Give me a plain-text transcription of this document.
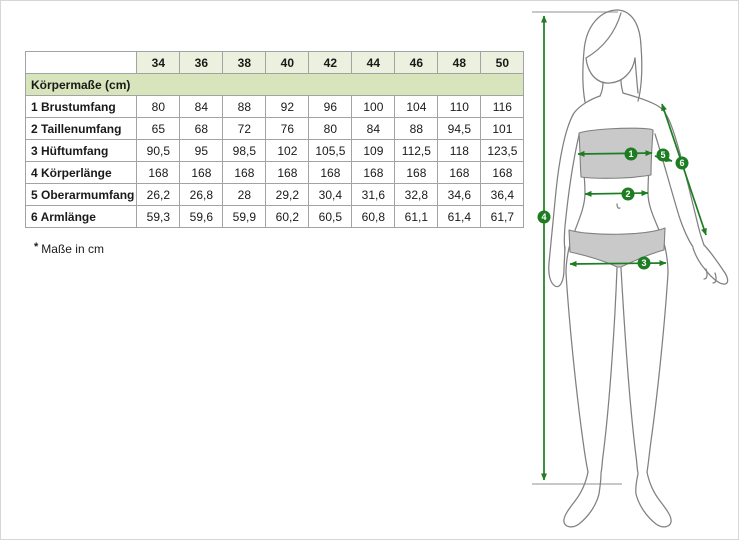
	34	36	38	40	42	44	46	48	50
Körpermaße (cm)									
1 Brustumfang	80	84	88	92	96	100	104	110	116
2 Taillenumfang	65	68	72	76	80	84	88	94,5	101
3 Hüftumfang	90,5	95	98,5	102	105,5	109	112,5	118	123,5
4 Körperlänge	168	168	168	168	168	168	168	168	168
5 Oberarmumfang	26,2	26,8	28	29,2	30,4	31,6	32,8	34,6	36,4
6 Armlänge	59,3	59,6	59,9	60,2	60,5	60,8	61,1	61,4	61,7
* Maße in cm
1
2
3
4
5
6
